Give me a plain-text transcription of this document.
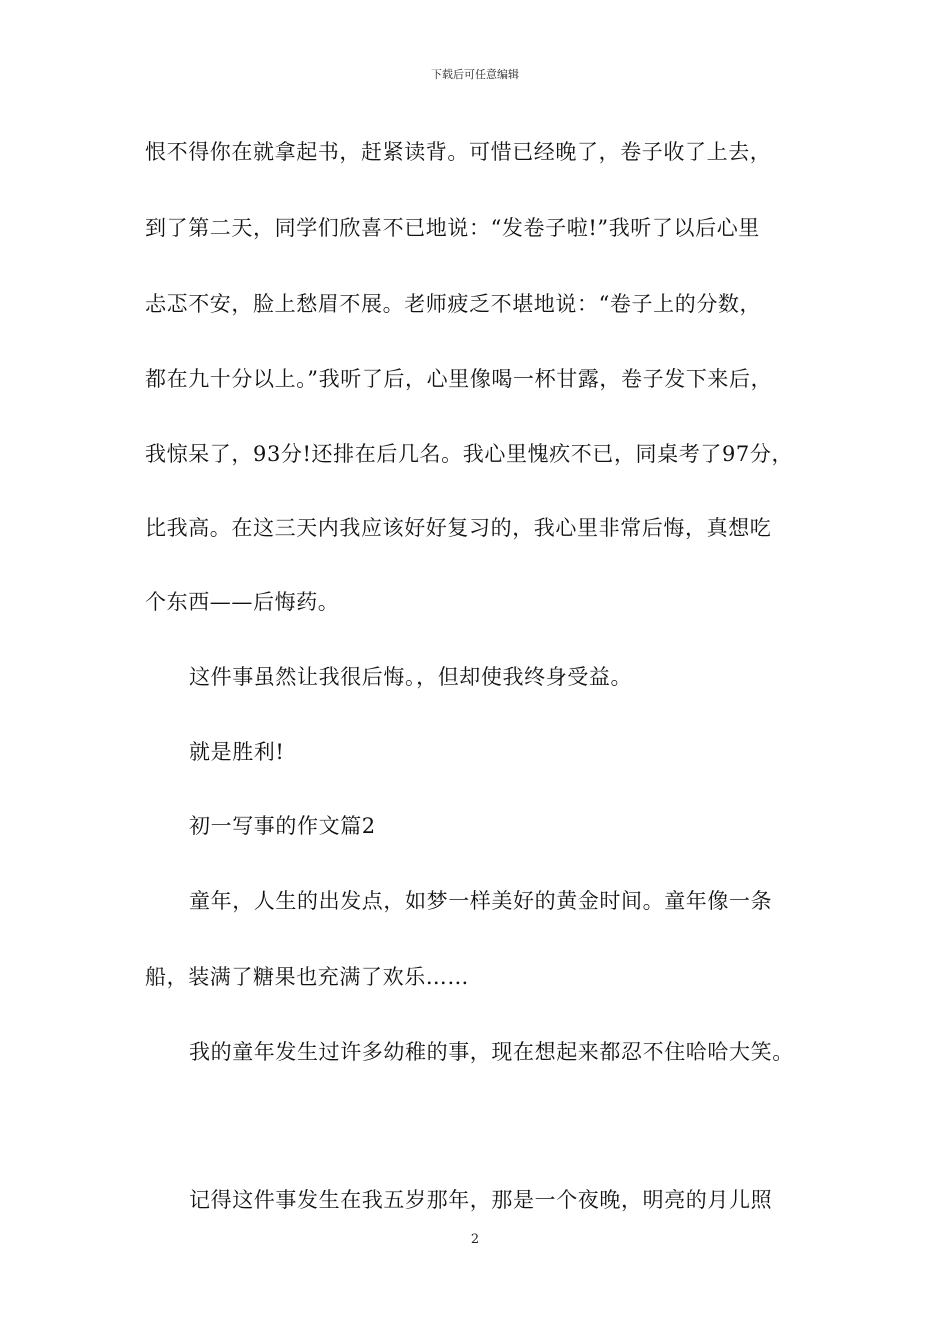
下载后可任意编辑
恨不得你在就拿起书，赶紧读背。可惜已经晚了，卷子收了上去，
到了第二天，同学们欣喜不已地说：“发卷子啦!”我听了以后心里
忐忑不安，脸上愁眉不展。老师疲乏不堪地说：“卷子上的分数，
都在九十分以上。”我听了后，心里像喝一杯甘露，卷子发下来后，
我惊呆了，93分!还排在后几名。我心里愧疚不已，同桌考了97分，
比我高。在这三天内我应该好好复习的，我心里非常后悔，真想吃
个东西——后悔药。
这件事虽然让我很后悔。，但却使我终身受益。
就是胜利!
初一写事的作文篇2
童年，人生的出发点，如梦一样美好的黄金时间。童年像一条
船，装满了糖果也充满了欢乐……
我的童年发生过许多幼稚的事，现在想起来都忍不住哈哈大笑。
记得这件事发生在我五岁那年，那是一个夜晚，明亮的月儿照
2
